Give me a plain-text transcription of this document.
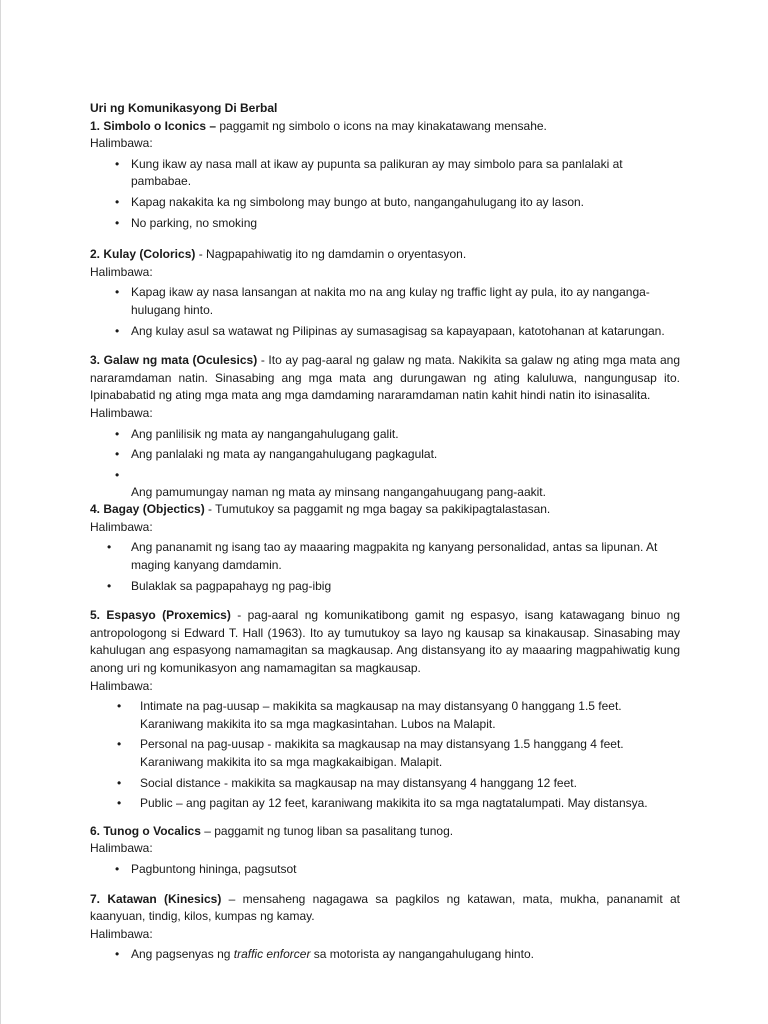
Uri ng Komunikasyong Di Berbal
1. Simbolo o Iconics – paggamit ng simbolo o icons na may kinakatawang mensahe.
Halimbawa:
• Kung ikaw ay nasa mall at ikaw ay pupunta sa palikuran ay may simbolo para sa panlalaki at pambabae.
• Kapag nakakita ka ng simbolong may bungo at buto, nangangahulugang ito ay lason.
• No parking, no smoking
2. Kulay (Colorics) - Nagpapahiwatig ito ng damdamin o oryentasyon.
Halimbawa:
• Kapag ikaw ay nasa lansangan at nakita mo na ang kulay ng traffic light ay pula, ito ay nanganga-hulugang hinto.
• Ang kulay asul sa watawat ng Pilipinas ay sumasagisag sa kapayapaan, katotohanan at katarungan.
3. Galaw ng mata (Oculesics) - Ito ay pag-aaral ng galaw ng mata. Nakikita sa galaw ng ating mga mata ang nararamdaman natin. Sinasabing ang mga mata ang durungawan ng ating kaluluwa, nangungusap ito. Ipinababatid ng ating mga mata ang mga damdaming nararamdaman natin kahit hindi natin ito isinasalita.
Halimbawa:
• Ang panlilisik ng mata ay nangangahulugang galit.
• Ang panlalaki ng mata ay nangangahulugang pagkagulat.
•
Ang pamumungay naman ng mata ay minsang nangangahuugang pang-aakit.
4. Bagay (Objectics) - Tumutukoy sa paggamit ng mga bagay sa pakikipagtalastasan.
Halimbawa:
• Ang pananamit ng isang tao ay maaaring magpakita ng kanyang personalidad, antas sa lipunan. At maging kanyang damdamin.
• Bulaklak sa pagpapahayg ng pag-ibig
5. Espasyo (Proxemics) - pag-aaral ng komunikatibong gamit ng espasyo, isang katawagang binuo ng antropologong si Edward T. Hall (1963). Ito ay tumutukoy sa layo ng kausap sa kinakausap. Sinasabing may kahulugan ang espasyong namamagitan sa magkausap. Ang distansyang ito ay maaaring magpahiwatig kung anong uri ng komunikasyon ang namamagitan sa magkausap.
Halimbawa:
• Intimate na pag-uusap – makikita sa magkausap na may distansyang 0 hanggang 1.5 feet. Karaniwang makikita ito sa mga magkasintahan. Lubos na Malapit.
• Personal na pag-uusap - makikita sa magkausap na may distansyang 1.5 hanggang 4 feet. Karaniwang makikita ito sa mga magkakaibigan. Malapit.
• Social distance - makikita sa magkausap na may distansyang 4 hanggang 12 feet.
• Public – ang pagitan ay 12 feet, karaniwang makikita ito sa mga nagtatalumpati. May distansya.
6. Tunog o Vocalics – paggamit ng tunog liban sa pasalitang tunog.
Halimbawa:
• Pagbuntong hininga, pagsutsot
7. Katawan (Kinesics) – mensaheng nagagawa sa pagkilos ng katawan, mata, mukha, pananamit at kaanyuan, tindig, kilos, kumpas ng kamay.
Halimbawa:
• Ang pagsenyas ng traffic enforcer sa motorista ay nangangahulugang hinto.
